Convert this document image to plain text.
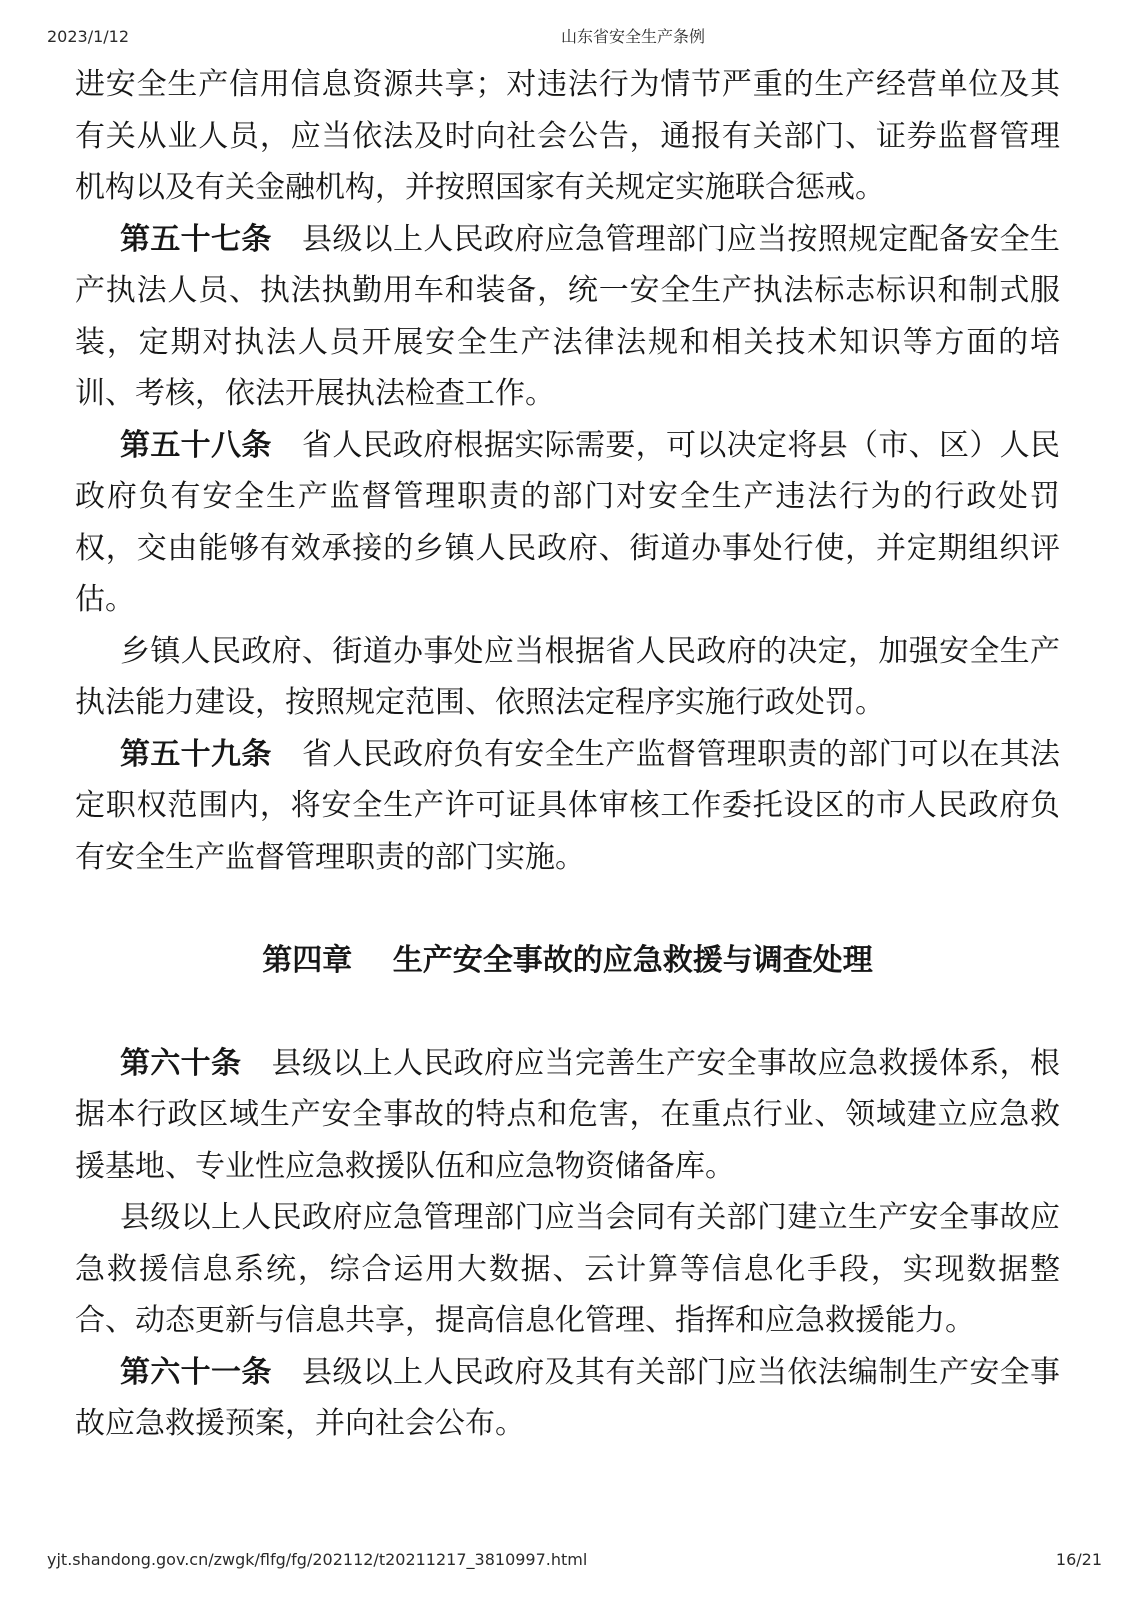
2023/1/12	山东省安全生产条例
进安全生产信用信息资源共享；对违法行为情节严重的生产经营单位及其
有关从业人员，应当依法及时向社会公告，通报有关部门、证券监督管理
机构以及有关金融机构，并按照国家有关规定实施联合惩戒。
第五十七条　县级以上人民政府应急管理部门应当按照规定配备安全生
产执法人员、执法执勤用车和装备，统一安全生产执法标志标识和制式服
装，定期对执法人员开展安全生产法律法规和相关技术知识等方面的培
训、考核，依法开展执法检查工作。
第五十八条　省人民政府根据实际需要，可以决定将县（市、区）人民
政府负有安全生产监督管理职责的部门对安全生产违法行为的行政处罚
权，交由能够有效承接的乡镇人民政府、街道办事处行使，并定期组织评
估。
乡镇人民政府、街道办事处应当根据省人民政府的决定，加强安全生产
执法能力建设，按照规定范围、依照法定程序实施行政处罚。
第五十九条　省人民政府负有安全生产监督管理职责的部门可以在其法
定职权范围内，将安全生产许可证具体审核工作委托设区的市人民政府负
有安全生产监督管理职责的部门实施。
第四章　 生产安全事故的应急救援与调查处理
第六十条　县级以上人民政府应当完善生产安全事故应急救援体系，根
据本行政区域生产安全事故的特点和危害，在重点行业、领域建立应急救
援基地、专业性应急救援队伍和应急物资储备库。
县级以上人民政府应急管理部门应当会同有关部门建立生产安全事故应
急救援信息系统，综合运用大数据、云计算等信息化手段，实现数据整
合、动态更新与信息共享，提高信息化管理、指挥和应急救援能力。
第六十一条　县级以上人民政府及其有关部门应当依法编制生产安全事
故应急救援预案，并向社会公布。
yjt.shandong.gov.cn/zwgk/flfg/fg/202112/t20211217_3810997.html	16/21
